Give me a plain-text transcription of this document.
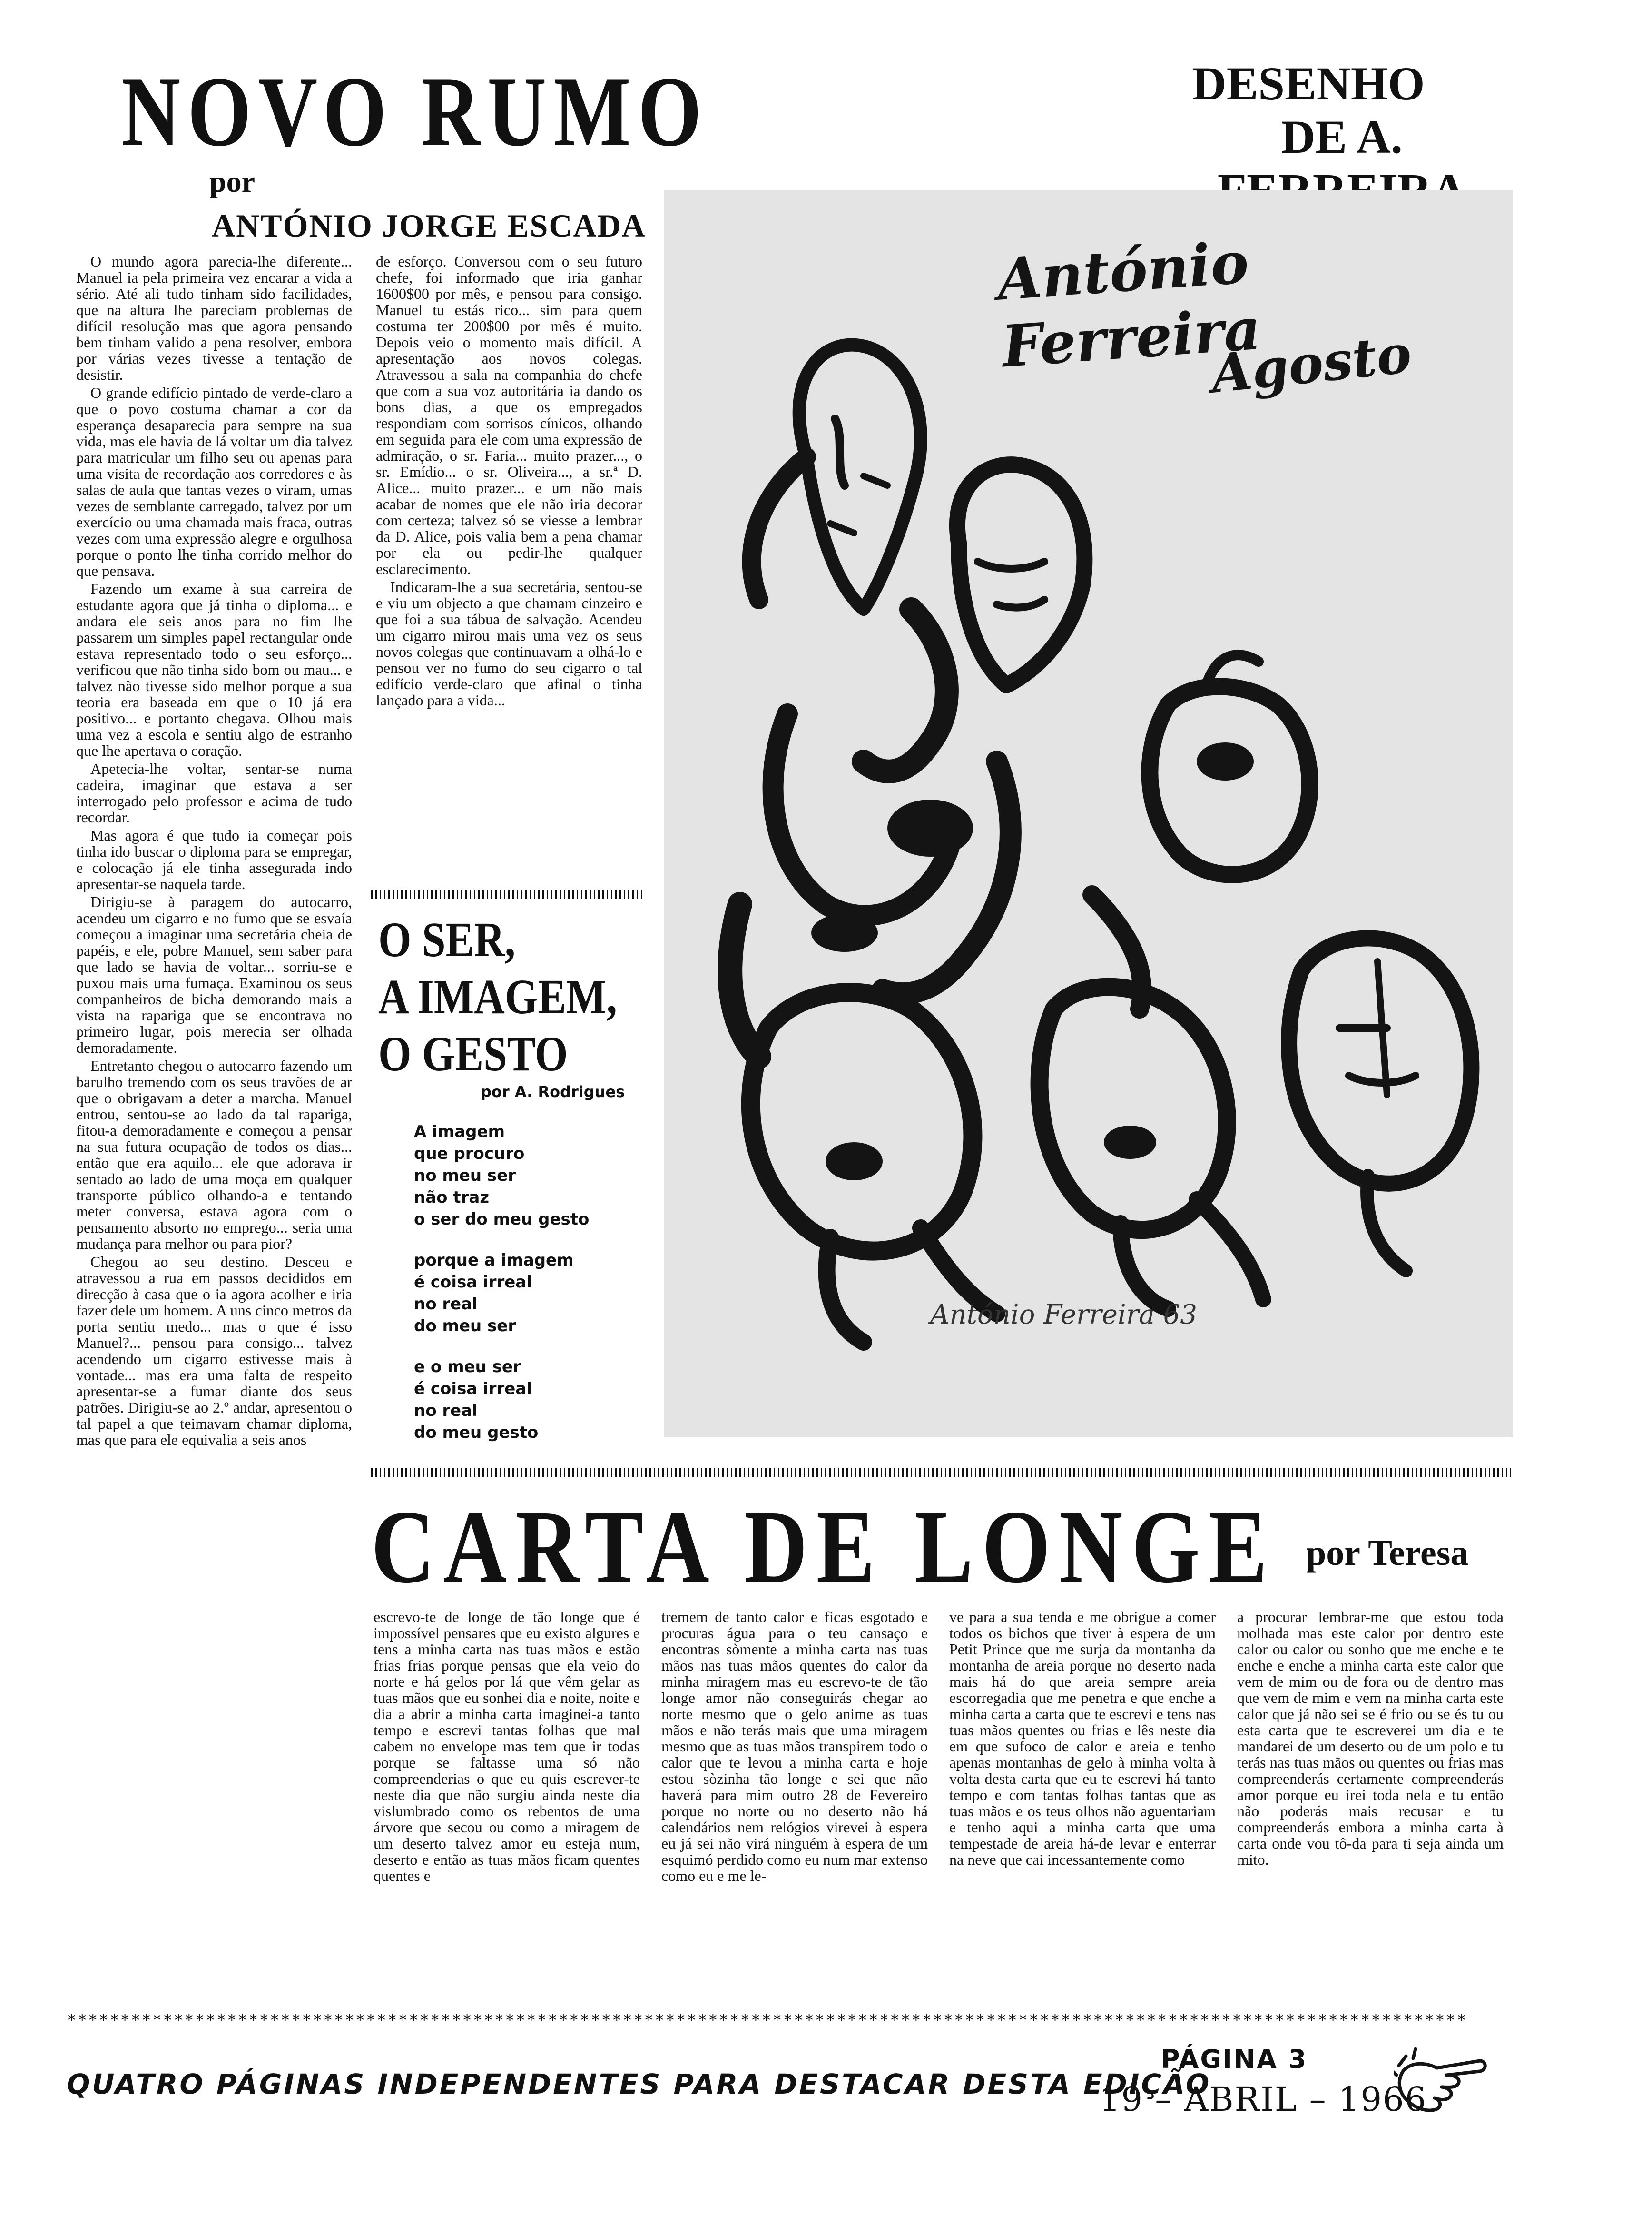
NOVO RUMO
por
ANTÓNIO JORGE ESCADA

O mundo agora parecia-lhe diferente... Manuel ia pela primeira vez encarar a vida a sério. Até ali tudo tinham sido facilidades, que na altura lhe pareciam problemas de difícil resolução mas que agora pensando bem tinham valido a pena resolver, embora por várias vezes tivesse a tentação de desistir.

O grande edifício pintado de verde-claro a que o povo costuma chamar a cor da esperança desaparecia para sempre na sua vida, mas ele havia de lá voltar um dia talvez para matricular um filho seu ou apenas para uma visita de recordação aos corredores e às salas de aula que tantas vezes o viram, umas vezes de semblante carregado, talvez por um exercício ou uma chamada mais fraca, outras vezes com uma expressão alegre e orgulhosa porque o ponto lhe tinha corrido melhor do que pensava.

Fazendo um exame à sua carreira de estudante agora que já tinha o diploma... e andara ele seis anos para no fim lhe passarem um simples papel rectangular onde estava representado todo o seu esforço... verificou que não tinha sido bom ou mau... e talvez não tivesse sido melhor porque a sua teoria era baseada em que o 10 já era positivo... e portanto chegava. Olhou mais uma vez a escola e sentiu algo de estranho que lhe apertava o coração.

Apetecia-lhe voltar, sentar-se numa cadeira, imaginar que estava a ser interrogado pelo professor e acima de tudo recordar.

Mas agora é que tudo ia começar pois tinha ido buscar o diploma para se empregar, e colocação já ele tinha assegurada indo apresentar-se naquela tarde.

Dirigiu-se à paragem do autocarro, acendeu um cigarro e no fumo que se esvaía começou a imaginar uma secretária cheia de papéis, e ele, pobre Manuel, sem saber para que lado se havia de voltar... sorriu-se e puxou mais uma fumaça. Examinou os seus companheiros de bicha demorando mais a vista na rapariga que se encontrava no primeiro lugar, pois merecia ser olhada demoradamente.

Entretanto chegou o autocarro fazendo um barulho tremendo com os seus travões de ar que o obrigavam a deter a marcha. Manuel entrou, sentou-se ao lado da tal rapariga, fitou-a demoradamente e começou a pensar na sua futura ocupação de todos os dias... então que era aquilo... ele que adorava ir sentado ao lado de uma moça em qualquer transporte público olhando-a e tentando meter conversa, estava agora com o pensamento absorto no emprego... seria uma mudança para melhor ou para pior?

Chegou ao seu destino. Desceu e atravessou a rua em passos decididos em direcção à casa que o ia agora acolher e iria fazer dele um homem. A uns cinco metros da porta sentiu medo... mas o que é isso Manuel?... pensou para consigo... talvez acendendo um cigarro estivesse mais à vontade... mas era uma falta de respeito apresentar-se a fumar diante dos seus patrões. Dirigiu-se ao 2.º andar, apresentou o tal papel a que teimavam chamar diploma, mas que para ele equivalia a seis anos

de esforço. Conversou com o seu futuro chefe, foi informado que iria ganhar 1600$00 por mês, e pensou para consigo. Manuel tu estás rico... sim para quem costuma ter 200$00 por mês é muito. Depois veio o momento mais difícil. A apresentação aos novos colegas. Atravessou a sala na companhia do chefe que com a sua voz autoritária ia dando os bons dias, a que os empregados respondiam com sorrisos cínicos, olhando em seguida para ele com uma expressão de admiração, o sr. Faria... muito prazer..., o sr. Emídio... o sr. Oliveira..., a sr.ª D. Alice... muito prazer... e um não mais acabar de nomes que ele não iria decorar com certeza; talvez só se viesse a lembrar da D. Alice, pois valia bem a pena chamar por ela ou pedir-lhe qualquer esclarecimento.

Indicaram-lhe a sua secretária, sentou-se e viu um objecto a que chamam cinzeiro e que foi a sua tábua de salvação. Acendeu um cigarro mirou mais uma vez os seus novos colegas que continuavam a olhá-lo e pensou ver no fumo do seu cigarro o tal edifício verde-claro que afinal o tinha lançado para a vida...

O SER,
A IMAGEM,
O GESTO
por A. Rodrigues
A imagem
que procuro
no meu ser
não traz
o ser do meu gesto
porque a imagem
é coisa irreal
no real
do meu ser
e o meu ser
é coisa irreal
no real
do meu gesto
DESENHO
DE A.
António Ferreira
Agosto
António Ferreira 63
CARTA DE LONGE por Teresa
escrevo-te de longe de tão longe que é impossível pensares que eu existo algures e tens a minha carta nas tuas mãos e estão frias frias porque pensas que ela veio do norte e há gelos por lá que vêm gelar as tuas mãos que eu sonhei dia e noite, noite e dia a abrir a minha carta imaginei-a tanto tempo e escrevi tantas folhas que mal cabem no envelope mas tem que ir todas porque se faltasse uma só não compreenderias o que eu quis escrever-te neste dia que não surgiu ainda neste dia vislumbrado como os rebentos de uma árvore que secou ou como a miragem de um deserto talvez amor eu esteja num, deserto e então as tuas mãos ficam quentes quentes e
tremem de tanto calor e ficas esgotado e procuras água para o teu cansaço e encontras sòmente a minha carta nas tuas mãos nas tuas mãos quentes do calor da minha miragem mas eu escrevo-te de tão longe amor não conseguirás chegar ao norte mesmo que o gelo anime as tuas mãos e não terás mais que uma miragem mesmo que as tuas mãos transpirem todo o calor que te levou a minha carta e hoje estou sòzinha tão longe e sei que não haverá para mim outro 28 de Fevereiro porque no norte ou no deserto não há calendários nem relógios virevei à espera eu já sei não virá ninguém à espera de um esquimó perdido como eu num mar extenso como eu e me le-
ve para a sua tenda e me obrigue a comer todos os bichos que tiver à espera de um Petit Prince que me surja da montanha da montanha de areia porque no deserto nada mais há do que areia sempre areia escorregadia que me penetra e que enche a minha carta a carta que te escrevi e tens nas tuas mãos quentes ou frias e lês neste dia em que sufoco de calor e areia e tenho apenas montanhas de gelo à minha volta à volta desta carta que eu te escrevi há tanto tempo e com tantas folhas tantas que as tuas mãos e os teus olhos não aguentariam e tenho aqui a minha carta que uma tempestade de areia há-de levar e enterrar na neve que cai incessantemente como
a procurar lembrar-me que estou toda molhada mas este calor por dentro este calor ou calor ou sonho que me enche e te enche e enche a minha carta este calor que vem de mim ou de fora ou de dentro mas que vem de mim e vem na minha carta este calor que já não sei se é frio ou se és tu ou esta carta que te escreverei um dia e te mandarei de um deserto ou de um polo e tu terás nas tuas mãos ou quentes ou frias mas compreenderás certamente compreenderás amor porque eu irei toda nela e tu então não poderás mais recusar e tu compreenderás embora a minha carta à carta onde vou tô-da para ti seja ainda um mito.
***********************************************************************************************************************************
QUATRO PÁGINAS INDEPENDENTES PARA DESTACAR DESTA EDIÇÃO
PÁGINA 3
19 – ABRIL – 1966
